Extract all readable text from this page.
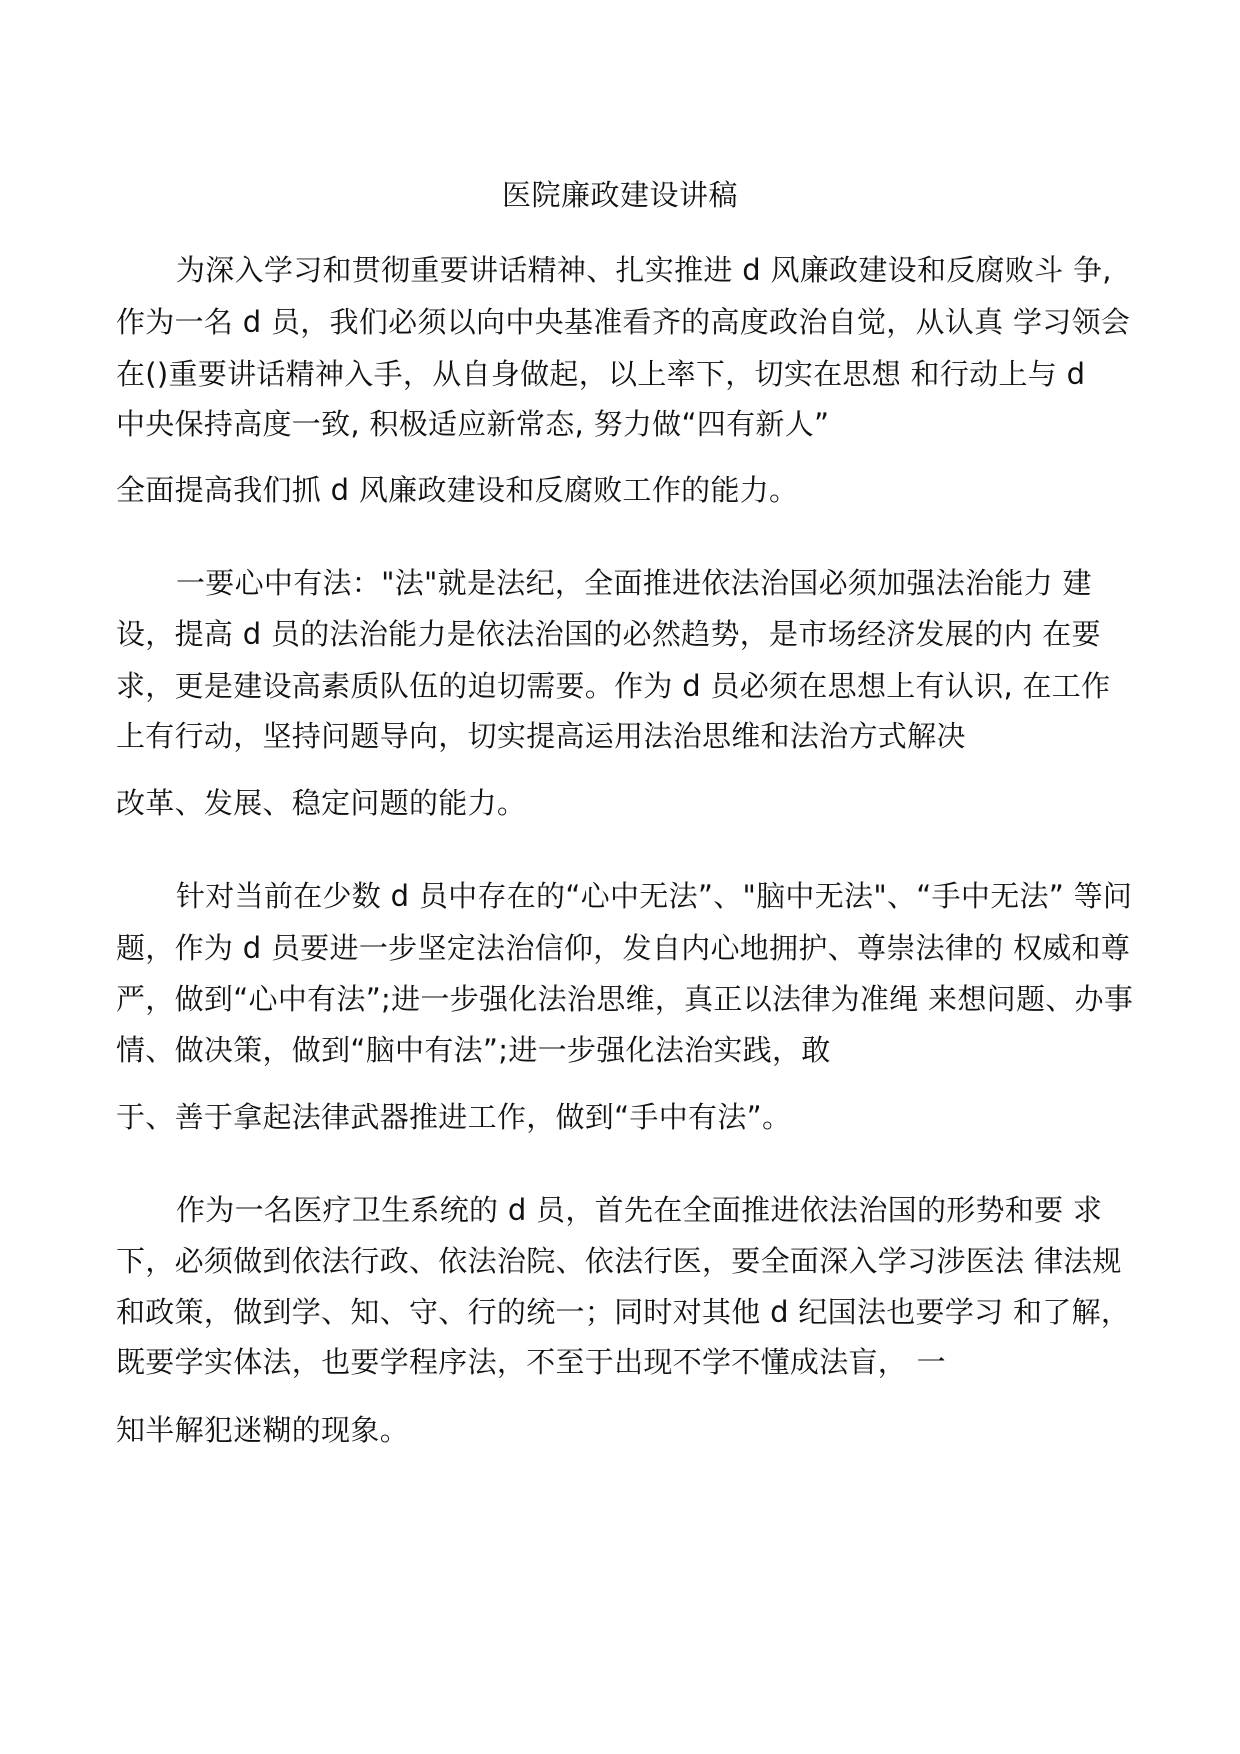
医院廉政建设讲稿
为深入学习和贯彻重要讲话精神、扎实推进 d 风廉政建设和反腐败斗 争,
作为一名 d 员，我们必须以向中央基准看齐的高度政治自觉，从认真 学习领会
在()重要讲话精神入手，从自身做起，以上率下，切实在思想 和行动上与 d
中央保持高度一致, 积极适应新常态, 努力做“四有新人”
全面提高我们抓 d 风廉政建设和反腐败工作的能力。
一要心中有法："法"就是法纪，全面推进依法治国必须加强法治能力 建
设，提高 d 员的法治能力是依法治国的必然趋势，是市场经济发展的内 在要
求，更是建设高素质队伍的迫切需要。作为 d 员必须在思想上有认识, 在工作
上有行动，坚持问题导向，切实提高运用法治思维和法治方式解决
改革、发展、稳定问题的能力。
针对当前在少数 d 员中存在的“心中无法”、"脑中无法"、“手中无法” 等问
题，作为 d 员要进一步坚定法治信仰，发自内心地拥护、尊崇法律的 权威和尊
严，做到“心中有法”;进一步强化法治思维，真正以法律为准绳 来想问题、办事
情、做决策，做到“脑中有法”;进一步强化法治实践，敢
于、善于拿起法律武器推进工作，做到“手中有法”。
作为一名医疗卫生系统的 d 员，首先在全面推进依法治国的形势和要 求
下，必须做到依法行政、依法治院、依法行医，要全面深入学习涉医法 律法规
和政策，做到学、知、守、行的统一；同时对其他 d 纪国法也要学习 和了解，
既要学实体法，也要学程序法，不至于出现不学不懂成法盲， 一
知半解犯迷糊的现象。
